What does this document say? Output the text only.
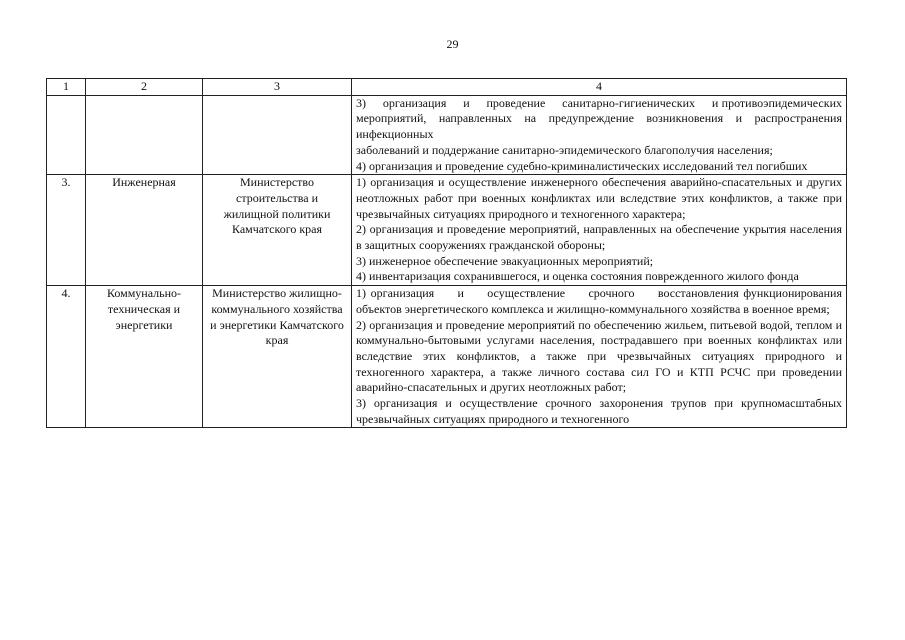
29
1	2	3	4

			3)     организация     и     проведение     санитарно-гигиенических     и противоэпидемических мероприятий, направленных на предупреждение возникновения и распространения инфекционных

заболеваний и поддержание санитарно-эпидемического благополучия населения;

4) организация и проведение судебно-криминалистических исследований тел погибших

3.	Инженерная	Министерство строительства и жилищной политики Камчатского края	1) организация и осуществление инженерного обеспечения аварийно-спасательных и других неотложных работ при военных конфликтах или вследствие этих конфликтов, а также при чрезвычайных ситуациях природного и техногенного характера;

2) организация и проведение мероприятий, направленных на обеспечение укрытия населения в защитных сооружениях гражданской обороны;

3) инженерное обеспечение эвакуационных мероприятий;

4) инвентаризация сохранившегося, и оценка состояния поврежденного жилого фонда

4.	Коммунально-техническая и энергетики	Министерство жилищно-коммунального хозяйства и энергетики Камчатского края	1) организация     и     осуществление     срочного     восстановления функционирования объектов энергетического комплекса и жилищно-коммунального хозяйства в военное время;

2) организация и проведение мероприятий по обеспечению жильем, питьевой водой, теплом и коммунально-бытовыми услугами населения, пострадавшего при военных конфликтах или вследствие этих конфликтов, а также при чрезвычайных ситуациях природного и техногенного характера, а также личного состава сил ГО и КТП РСЧС при проведении аварийно-спасательных и других неотложных работ;

3) организация и осуществление срочного захоронения трупов при крупномасштабных чрезвычайных ситуациях природного и техногенного
